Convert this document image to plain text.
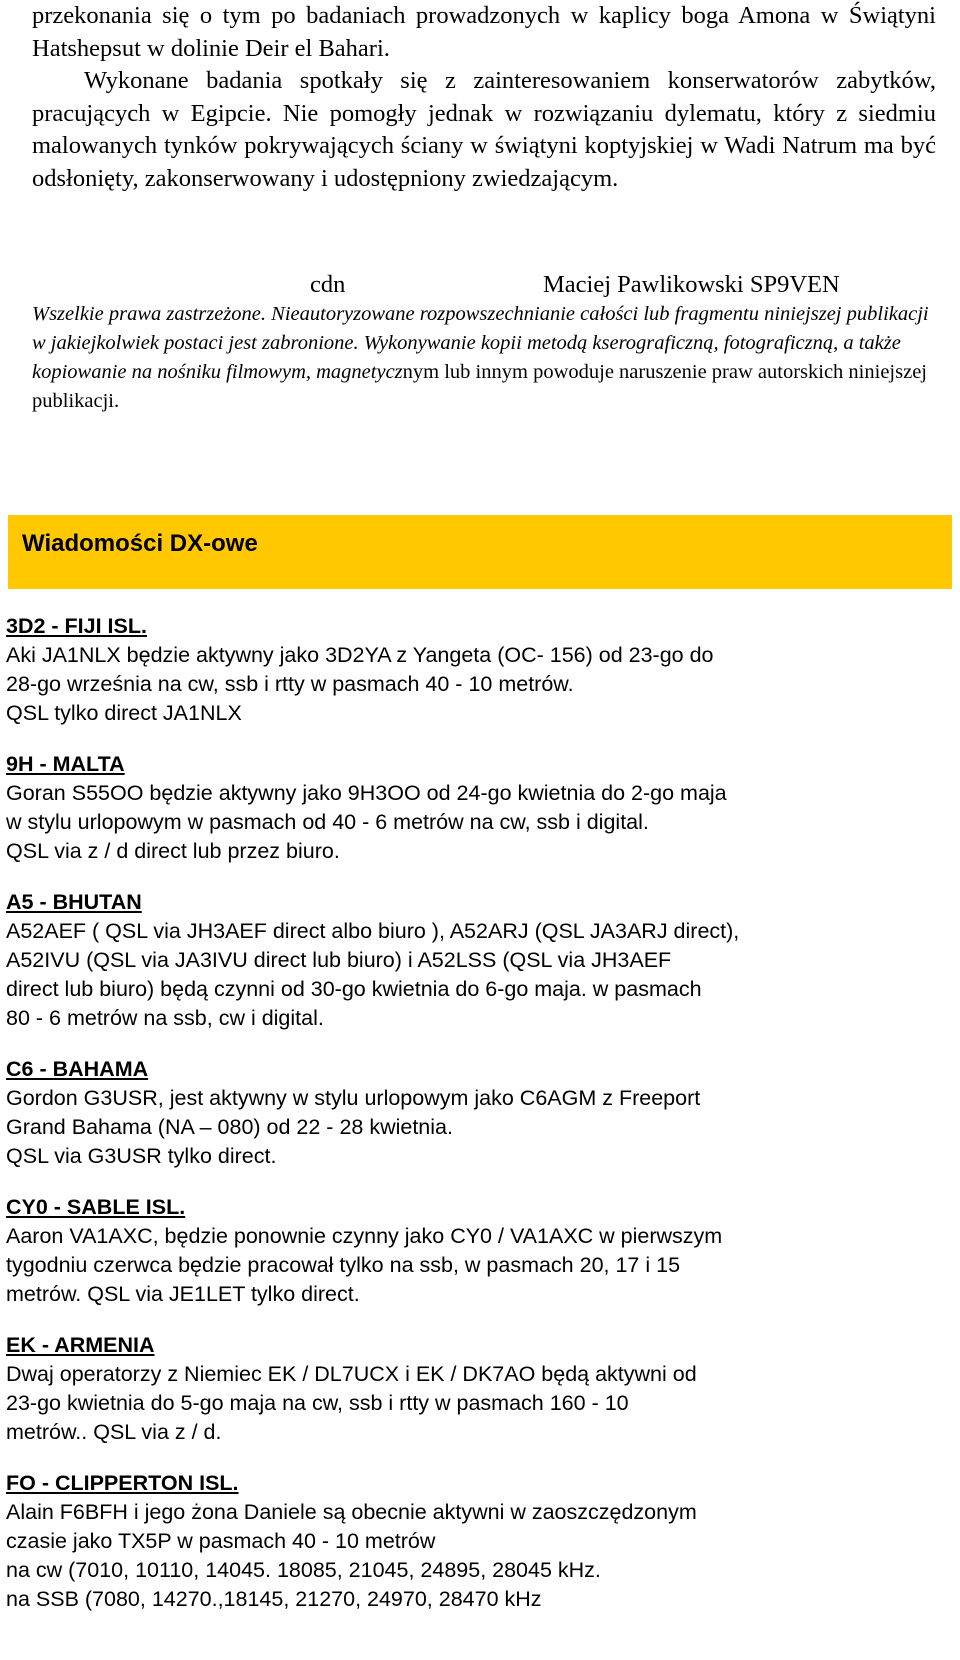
przekonania się o tym po badaniach prowadzonych w kaplicy boga Amona w Świątyni Hatshepsut w dolinie Deir el Bahari.

Wykonane badania spotkały się z zainteresowaniem konserwatorów zabytków, pracujących w Egipcie. Nie pomogły jednak w rozwiązaniu dylematu, który z siedmiu malowanych tynków pokrywających ściany w świątyni koptyjskiej w Wadi Natrum ma być odsłonięty, zakonserwowany i udostępniony zwiedzającym.

cdn	Maciej Pawlikowski SP9VEN
Wszelkie prawa zastrzeżone. Nieautoryzowane rozpowszechnianie całości lub fragmentu niniejszej publikacji w jakiejkolwiek postaci jest zabronione. Wykonywanie kopii metodą kserograficzną, fotograficzną, a także kopiowanie na nośniku filmowym, magnetycznym lub innym powoduje naruszenie praw autorskich niniejszej publikacji.
Wiadomości DX-owe
3D2 - FIJI ISL.
Aki JA1NLX będzie aktywny jako 3D2YA z Yangeta (OC- 156) od 23-go do
28-go września na cw, ssb i rtty w pasmach 40 - 10 metrów.
QSL tylko direct JA1NLX
9H - MALTA
Goran S55OO będzie aktywny jako 9H3OO od 24-go kwietnia do 2-go maja
w stylu urlopowym w pasmach od 40 - 6 metrów na cw, ssb i digital.
QSL via z / d direct lub przez biuro.
A5 - BHUTAN
A52AEF ( QSL via JH3AEF direct albo biuro ), A52ARJ (QSL JA3ARJ direct),
A52IVU (QSL via JA3IVU direct lub biuro) i A52LSS (QSL via JH3AEF
direct lub biuro) będą czynni od 30-go kwietnia do 6-go maja. w pasmach
80 - 6 metrów na ssb, cw i digital.
C6 - BAHAMA
Gordon G3USR, jest aktywny w stylu urlopowym jako C6AGM z Freeport
Grand Bahama (NA – 080) od 22 - 28 kwietnia.
QSL via G3USR tylko direct.
CY0 - SABLE ISL.
Aaron VA1AXC, będzie ponownie czynny jako CY0 / VA1AXC w pierwszym
tygodniu czerwca będzie pracował tylko na ssb, w pasmach 20, 17 i 15
metrów. QSL via JE1LET tylko direct.
EK - ARMENIA
Dwaj operatorzy z Niemiec EK / DL7UCX i EK / DK7AO będą aktywni od
23-go kwietnia do 5-go maja na cw, ssb i rtty w pasmach 160 - 10
metrów.. QSL via z / d.
FO - CLIPPERTON ISL.
Alain F6BFH i jego żona Daniele są obecnie aktywni w zaoszczędzonym
czasie jako TX5P w pasmach 40 - 10 metrów
na cw (7010, 10110, 14045. 18085, 21045, 24895, 28045 kHz.
na SSB (7080, 14270.,18145, 21270, 24970, 28470 kHz
